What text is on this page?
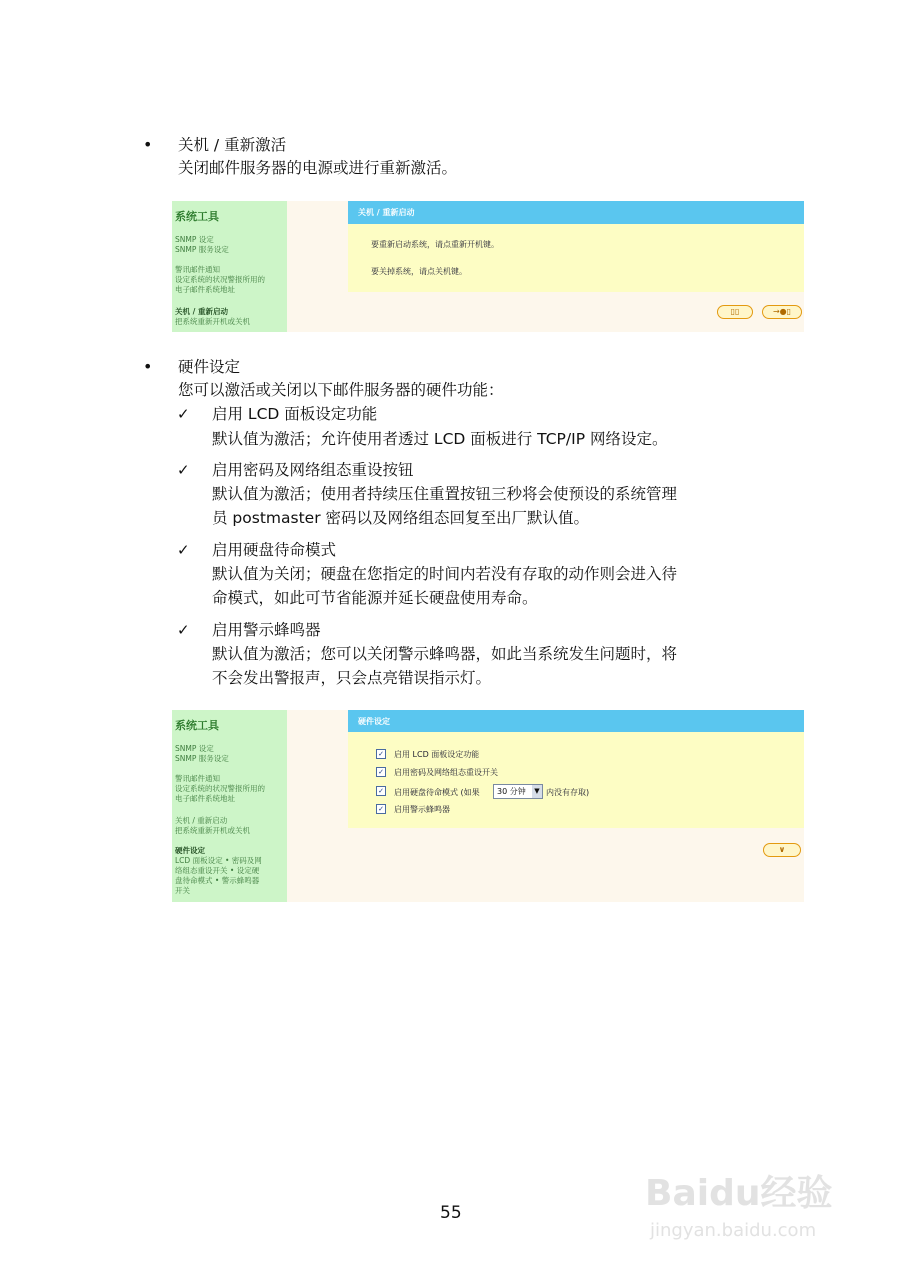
• 关机 / 重新激活
关闭邮件服务器的电源或进行重新激活。
系统工具
SNMP 设定
SNMP 服务设定
警讯邮件通知
设定系统的状况警报所用的
电子邮件系统地址
关机 / 重新启动
把系统重新开机或关机
关机 / 重新启动
要重新启动系统，请点重新开机键。
要关掉系统，请点关机键。
▯▯	→●▯
• 硬件设定
您可以激活或关闭以下邮件服务器的硬件功能：
✓ 启用 LCD 面板设定功能
默认值为激活；允许使用者透过 LCD 面板进行 TCP/IP 网络设定。
✓ 启用密码及网络组态重设按钮
默认值为激活；使用者持续压住重置按钮三秒将会使预设的系统管理
员 postmaster 密码以及网络组态回复至出厂默认值。
✓ 启用硬盘待命模式
默认值为关闭；硬盘在您指定的时间内若没有存取的动作则会进入待
命模式，如此可节省能源并延长硬盘使用寿命。
✓ 启用警示蜂鸣器
默认值为激活；您可以关闭警示蜂鸣器，如此当系统发生问题时，将
不会发出警报声，只会点亮错误指示灯。
系统工具
SNMP 设定
SNMP 服务设定
警讯邮件通知
设定系统的状况警报所用的
电子邮件系统地址
关机 / 重新启动
把系统重新开机或关机
硬件设定
LCD 面板设定 • 密码及网
络组态重设开关 • 设定硬
盘待命模式 • 警示蜂鸣器
开关
硬件设定
✓ 启用 LCD 面板设定功能
✓ 启用密码及网络组态重设开关
✓ 启用硬盘待命模式 (如果	30 分钟	▼ 内没有存取)
✓ 启用警示蜂鸣器
∨
55	Baidu经验
jingyan.baidu.com
